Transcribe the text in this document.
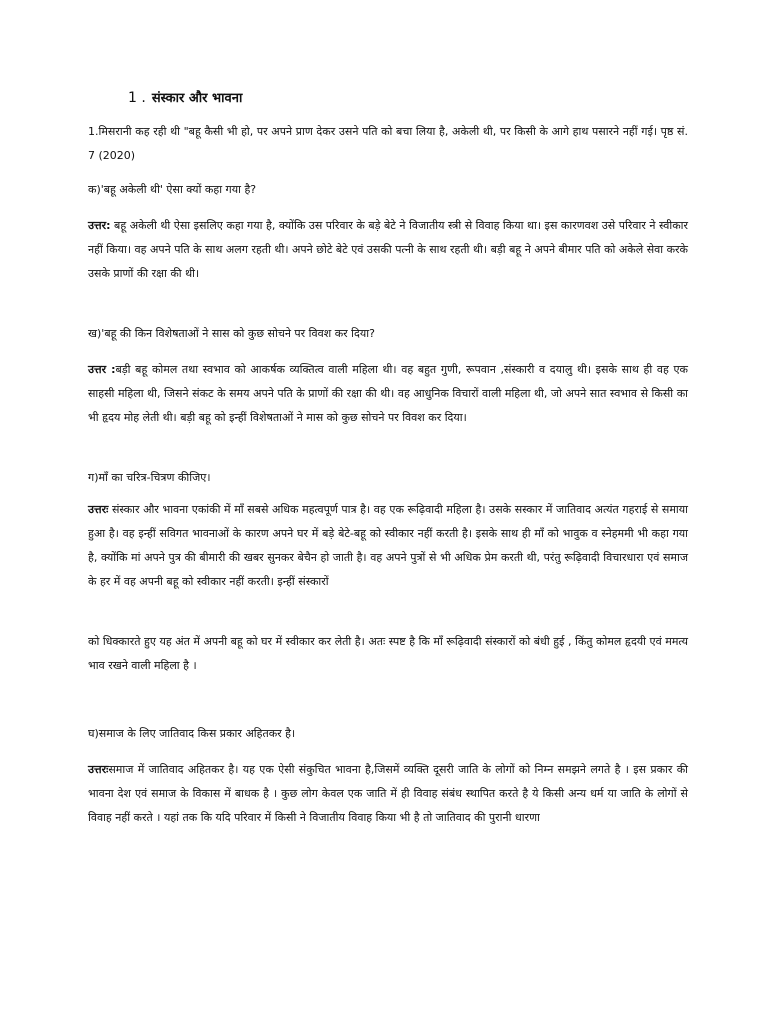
1 . संस्कार और भावना

1.मिसरानी कह रही थी "बहू कैसी भी हो, पर अपने प्राण देकर उसने पति को बचा लिया है, अकेली थी, पर किसी के आगे हाथ पसारने नहीं गई। पृष्ठ सं. 7 (2020)

क)'बहू अकेली थी' ऐसा क्यों कहा गया है?

उत्तर: बहू अकेली थी ऐसा इसलिए कहा गया है, क्योंकि उस परिवार के बड़े बेटे ने विजातीय स्त्री से विवाह किया था। इस कारणवश उसे परिवार ने स्वीकार नहीं किया। वह अपने पति के साथ अलग रहती थी। अपने छोटे बेटे एवं उसकी पत्नी के साथ रहती थी। बड़ी बहू ने अपने बीमार पति को अकेले सेवा करके उसके प्राणों की रक्षा की थी।

ख)'बहू की किन विशेषताओं ने सास को कुछ सोचने पर विवश कर दिया?

उत्तर :बड़ी बहू कोमल तथा स्वभाव को आकर्षक व्यक्तित्व वाली महिला थी। वह बहुत गुणी, रूपवान ,संस्कारी व दयालु थी। इसके साथ ही वह एक साहसी महिला थी, जिसने संकट के समय अपने पति के प्राणों की रक्षा की थी। वह आधुनिक विचारों वाली महिला थी, जो अपने सात स्वभाव से किसी का भी हृदय मोह लेती थी। बड़ी बहू को इन्हीं विशेषताओं ने मास को कुछ सोचने पर विवश कर दिया।

ग)माँ का चरित्र-चित्रण कीजिए।

उत्तरः संस्कार और भावना एकांकी में माँ सबसे अधिक महत्वपूर्ण पात्र है। वह एक रूढ़िवादी महिला है। उसके सस्कार में जातिवाद अत्यंत गहराई से समाया हुआ है। वह इन्हीं सविगत भावनाओं के कारण अपने घर में बड़े बेटे-बहू को स्वीकार नहीं करती है। इसके साथ ही माँ को भावुक व स्नेहममी भी कहा गया है, क्योंकि मां अपने पुत्र की बीमारी की खबर सुनकर बेचैन हो जाती है। वह अपने पुत्रों से भी अधिक प्रेम करती थी, परंतु रूढ़िवादी विचारधारा एवं समाज के हर में वह अपनी बहू को स्वीकार नहीं करती। इन्हीं संस्कारों

को धिक्कारते हुए यह अंत में अपनी बहू को घर में स्वीकार कर लेती है। अतः स्पष्ट है कि माँ रूढ़िवादी संस्कारों को बंधी हुई , किंतु कोमल हृदयी एवं ममत्य भाव रखने वाली महिला है ।

घ)समाज के लिए जातिवाद किस प्रकार अहितकर है।

उत्तरःसमाज में जातिवाद अहितकर है। यह एक ऐसी संकुचित भावना है,जिसमें व्यक्ति दूसरी जाति के लोगों को निम्न समझने लगते है । इस प्रकार की भावना देश एवं समाज के विकास में बाधक है । कुछ लोग केवल एक जाति में ही विवाह संबंध स्थापित करते है ये किसी अन्य धर्म या जाति के लोगों से विवाह नहीं करते । यहां तक कि यदि परिवार में किसी ने विजातीय विवाह किया भी है तो जातिवाद की पुरानी धारणा
